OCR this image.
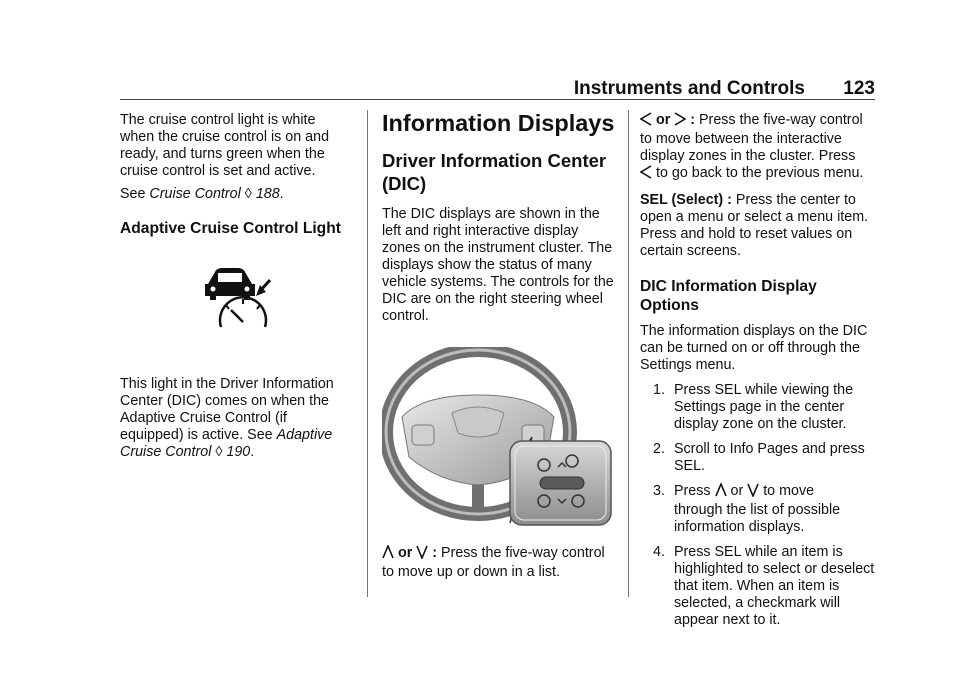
Instruments and Controls 123

The cruise control light is white when the cruise control is on and ready, and turns green when the cruise control is set and active.

See Cruise Control ◊ 188.

Adaptive Cruise Control Light

This light in the Driver Information Center (DIC) comes on when the Adaptive Cruise Control (if equipped) is active. See Adaptive Cruise Control ◊ 190.

Information Displays

Driver Information Center (DIC)

The DIC displays are shown in the left and right interactive display zones on the instrument cluster. The displays show the status of many vehicle systems. The controls for the DIC are on the right steering wheel control.

or : Press the five-way control to move up or down in a list.

or : Press the five-way control to move between the interactive display zones in the cluster. Press
to go back to the previous menu.

SEL (Select) : Press the center to open a menu or select a menu item. Press and hold to reset values on certain screens.

DIC Information Display Options

The information displays on the DIC can be turned on or off through the Settings menu.

1. Press SEL while viewing the Settings page in the center display zone on the cluster.
2. Scroll to Info Pages and press SEL.
3. Press or to move
through the list of possible information displays.
4. Press SEL while an item is highlighted to select or deselect that item. When an item is selected, a checkmark will appear next to it.
